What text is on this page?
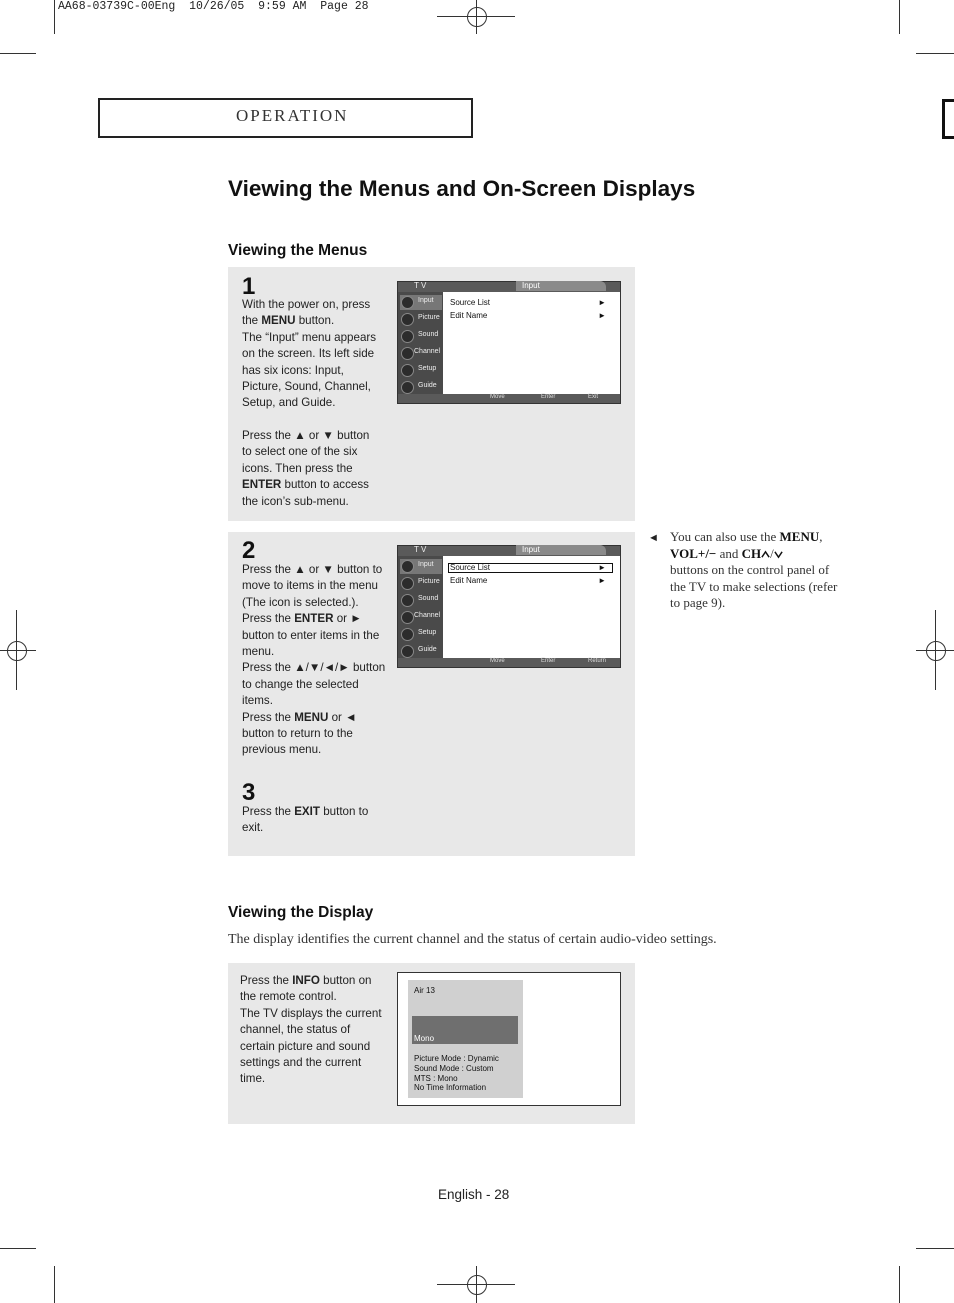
AA68-03739C-00Eng  10/26/05  9:59 AM  Page 28
OPERATION
Viewing the Menus and On-Screen Displays
Viewing the Menus
1
With the power on, press
the MENU button.
The “Input” menu appears
on the screen. Its left side
has six icons: Input,
Picture, Sound, Channel,
Setup, and Guide.
Press the ▲ or ▼ button
to select one of the six
icons. Then press the
ENTER button to access
the icon’s sub-menu.
T V	Input
Input
Picture
Sound
Channel
Setup
Guide
Source List	►
Edit Name	►
Move	Enter	Exit
2
Press the ▲ or ▼ button to
move to items in the menu
(The icon is selected.).
Press the ENTER or ►
button to enter items in the
menu.
Press the ▲/▼/◄/► button
to change the selected
items.
Press the MENU or ◄
button to return to the
previous menu.
3
Press the EXIT button to
exit.
T V	Input
Input
Picture
Sound
Channel
Setup
Guide
Source List	►
Edit Name	►
Move	Enter	Return
◄ You can also use the MENU,
VOL+/− and CH /
buttons on the control panel of the TV to make selections (refer to page 9).
Viewing the Display
The display identifies the current channel and the status of certain audio-video settings.
Press the INFO button on
the remote control.
The TV displays the current
channel, the status of
certain picture and sound
settings and the current
time.
Air 13
Mono
Picture Mode : Dynamic
Sound Mode : Custom
MTS : Mono
No Time Information
English - 28
